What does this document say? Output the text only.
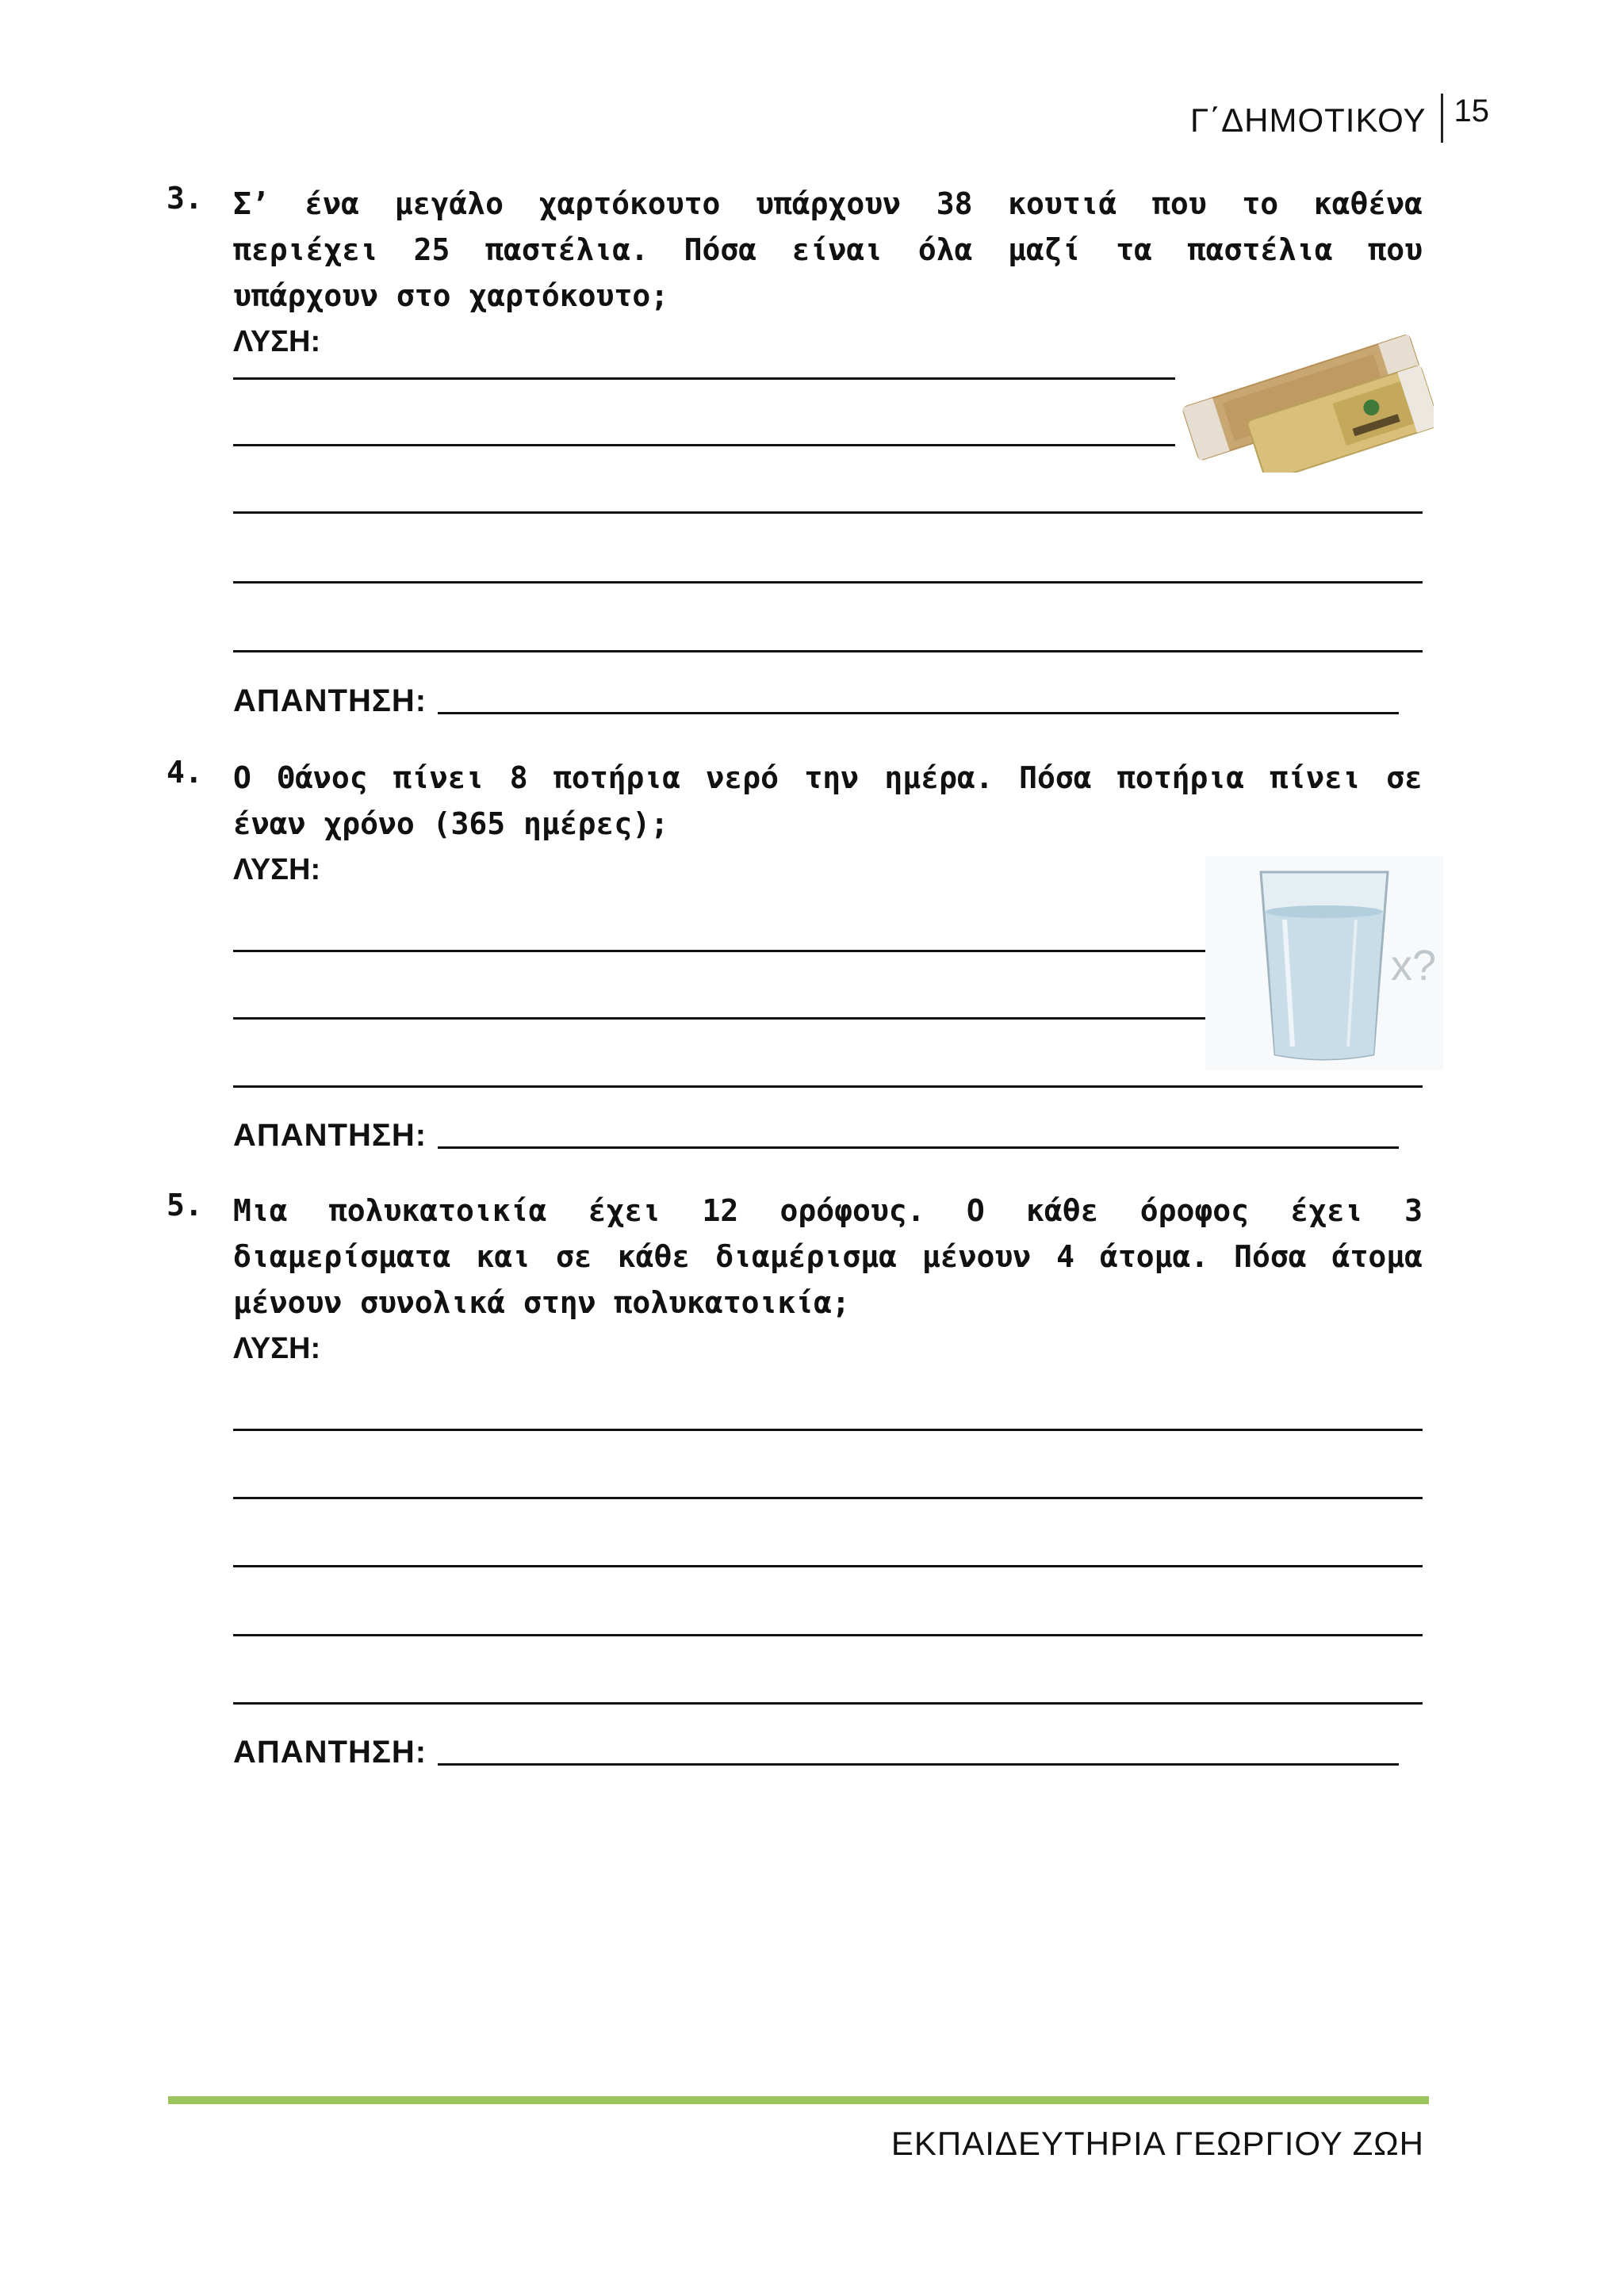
Γ΄ΔΗΜΟΤΙΚΟΥ 15
3. Σ’ ένα μεγάλο χαρτόκουτο υπάρχουν 38 κουτιά που το καθένα περιέχει 25 παστέλια. Πόσα είναι όλα μαζί τα παστέλια που υπάρχουν στο χαρτόκουτο;
ΛΥΣΗ:
ΑΠΑΝΤΗΣΗ:
4. Ο Θάνος πίνει 8 ποτήρια νερό την ημέρα. Πόσα ποτήρια πίνει σε έναν χρόνο (365 ημέρες);
ΛΥΣΗ:
ΑΠΑΝΤΗΣΗ:
x?
5. Μια πολυκατοικία έχει 12 ορόφους. Ο κάθε όροφος έχει 3 διαμερίσματα και σε κάθε διαμέρισμα μένουν 4 άτομα. Πόσα άτομα μένουν συνολικά στην πολυκατοικία;
ΛΥΣΗ:
ΑΠΑΝΤΗΣΗ:
ΕΚΠΑΙΔΕΥΤΗΡΙΑ ΓΕΩΡΓΙΟΥ ΖΩΗ
